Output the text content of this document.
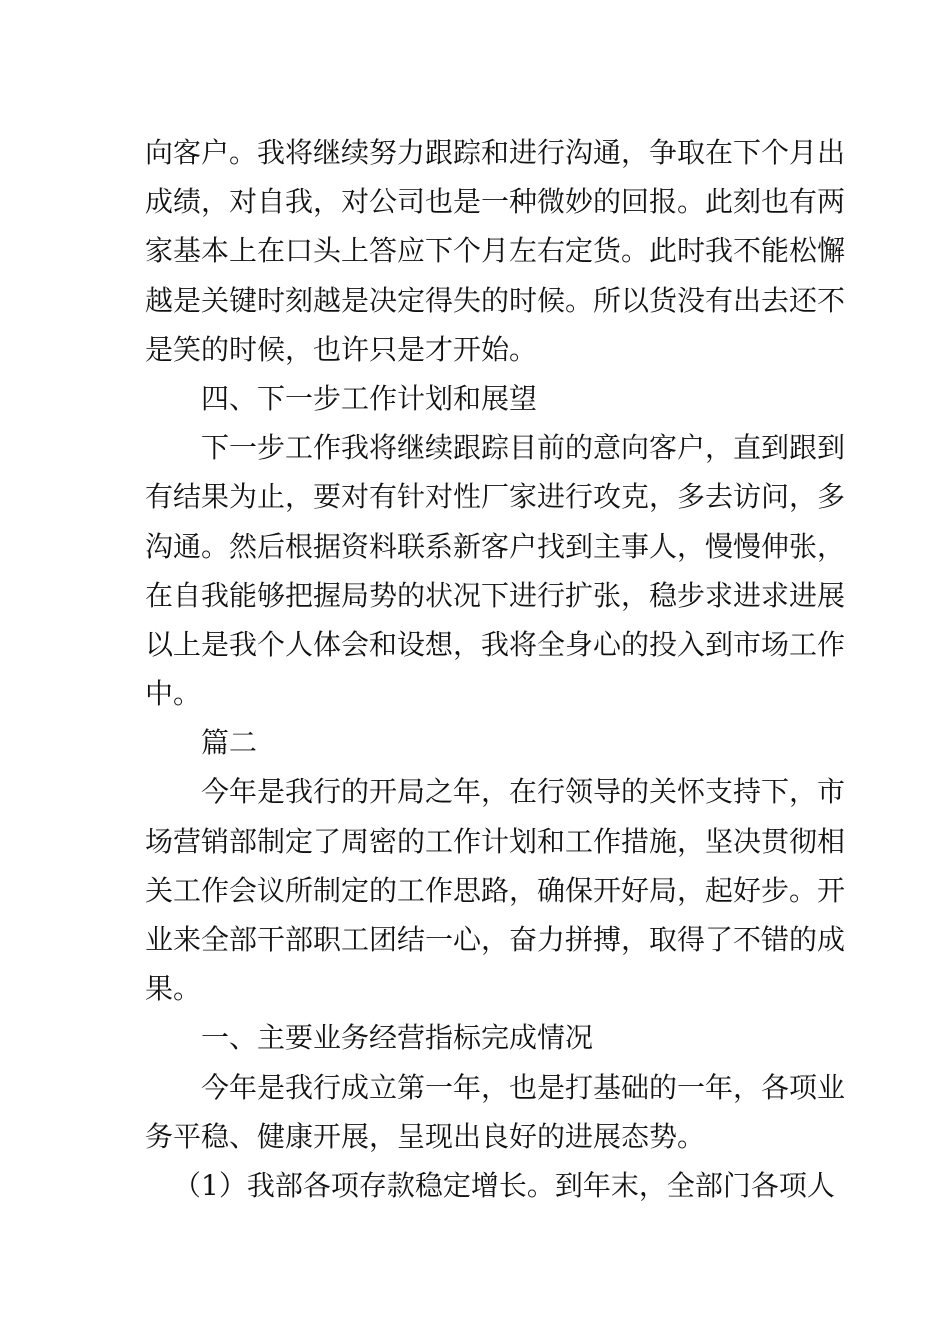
向客户。我将继续努力跟踪和进行沟通，争取在下个月出
成绩，对自我，对公司也是一种微妙的回报。此刻也有两
家基本上在口头上答应下个月左右定货。此时我不能松懈
越是关键时刻越是决定得失的时候。所以货没有出去还不
是笑的时候，也许只是才开始。
四、下一步工作计划和展望
下一步工作我将继续跟踪目前的意向客户，直到跟到
有结果为止，要对有针对性厂家进行攻克，多去访问，多
沟通。然后根据资料联系新客户找到主事人，慢慢伸张，
在自我能够把握局势的状况下进行扩张，稳步求进求进展
以上是我个人体会和设想，我将全身心的投入到市场工作
中。
篇二
今年是我行的开局之年，在行领导的关怀支持下，市
场营销部制定了周密的工作计划和工作措施，坚决贯彻相
关工作会议所制定的工作思路，确保开好局，起好步。开
业来全部干部职工团结一心，奋力拼搏，取得了不错的成
果。
一、主要业务经营指标完成情况
今年是我行成立第一年，也是打基础的一年，各项业
务平稳、健康开展，呈现出良好的进展态势。
（1）我部各项存款稳定增长。到年末，全部门各项人
